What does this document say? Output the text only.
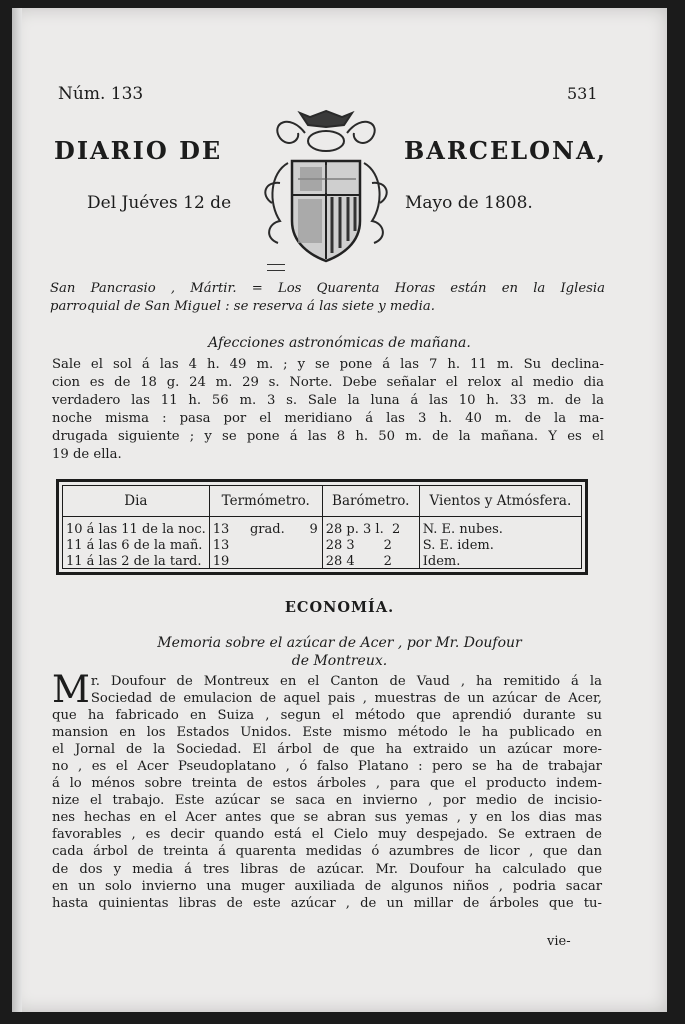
Núm. 133	531
DIARIO DE	BARCELONA,
Del Juéves 12 de	Mayo de 1808.
San Pancrasio , Mártir. = Los Quarenta Horas están en la Iglesia
parroquial de San Miguel : se reserva á las siete y media.
Afecciones astronómicas de mañana.
Sale el sol á las 4 h. 49 m. ; y se pone á las 7 h. 11 m. Su declina-
cion es de 18 g. 24 m. 29 s. Norte. Debe señalar el relox al medio dia
verdadero las 11 h. 56 m. 3 s. Sale la luna á las 10 h. 33 m. de la
noche misma : pasa por el meridiano á las 3 h. 40 m. de la ma-
drugada siguiente ; y se pone á las 8 h. 50 m. de la mañana. Y es el
19 de ella.
Dia	Termómetro.	Barómetro.	Vientos y Atmósfera.
10 á las 11 de la noc.	13 grad. 9	28 p. 3 l. 2	N. E. nubes.
11 á las 6 de la mañ.	13	28 3 2	S. E. idem.
11 á las 2 de la tard.	19	28 4 2	Idem.
ECONOMÍA.
Memoria sobre el azúcar de Acer , por Mr. Doufour
de Montreux.
M r. Doufour de Montreux en el Canton de Vaud , ha remitido á la
Sociedad de emulacion de aquel pais , muestras de un azúcar de Acer,
que ha fabricado en Suiza , segun el método que aprendió durante su
mansion en los Estados Unidos. Este mismo método le ha publicado en
el Jornal de la Sociedad. El árbol de que ha extraido un azúcar more-
no , es el Acer Pseudoplatano , ó falso Platano : pero se ha de trabajar
á lo ménos sobre treinta de estos árboles , para que el producto indem-
nize el trabajo. Este azúcar se saca en invierno , por medio de incisio-
nes hechas en el Acer antes que se abran sus yemas , y en los dias mas
favorables , es decir quando está el Cielo muy despejado. Se extraen de
cada árbol de treinta á quarenta medidas ó azumbres de licor , que dan
de dos y media á tres libras de azúcar. Mr. Doufour ha calculado que
en un solo invierno una muger auxiliada de algunos niños , podria sacar
hasta quinientas libras de este azúcar , de un millar de árboles que tu-
vie-
